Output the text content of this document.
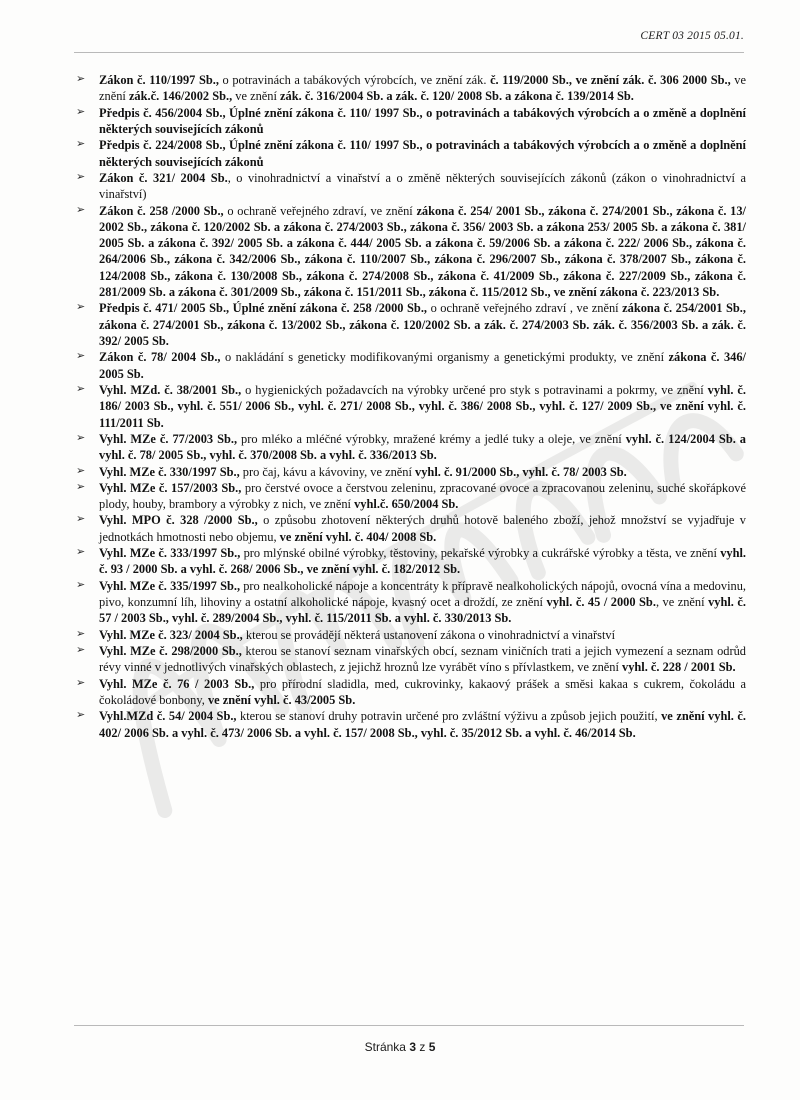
CERT 03 2015 05.01.
➢ Zákon č. 110/1997 Sb., o potravinách a tabákových výrobcích, ve znění zák. č. 119/2000 Sb., ve znění zák. č. 306 2000 Sb., ve znění zák.č. 146/2002 Sb., ve znění zák. č. 316/2004 Sb. a zák. č. 120/ 2008 Sb. a zákona č. 139/2014 Sb.
➢ Předpis č. 456/2004 Sb., Úplné znění zákona č. 110/ 1997 Sb., o potravinách a tabákových výrobcích a o změně a doplnění některých souvisejících zákonů
➢ Předpis č. 224/2008 Sb., Úplné znění zákona č. 110/ 1997 Sb., o potravinách a tabákových výrobcích a o změně a doplnění některých souvisejících zákonů
➢ Zákon č. 321/ 2004 Sb., o vinohradnictví a vinařství a o změně některých souvisejících zákonů (zákon o vinohradnictví a vinařství)
➢ Zákon č. 258 /2000 Sb., o ochraně veřejného zdraví, ve znění zákona č. 254/ 2001 Sb., zákona č. 274/2001 Sb., zákona č. 13/ 2002 Sb., zákona č. 120/2002 Sb. a zákona č. 274/2003 Sb., zákona č. 356/ 2003 Sb. a zákona 253/ 2005 Sb. a zákona č. 381/ 2005 Sb. a zákona č. 392/ 2005 Sb. a zákona č. 444/ 2005 Sb. a zákona č. 59/2006 Sb. a zákona č. 222/ 2006 Sb., zákona č. 264/2006 Sb., zákona č. 342/2006 Sb., zákona č. 110/2007 Sb., zákona č. 296/2007 Sb., zákona č. 378/2007 Sb., zákona č. 124/2008 Sb., zákona č. 130/2008 Sb., zákona č. 274/2008 Sb., zákona č. 41/2009 Sb., zákona č. 227/2009 Sb., zákona č. 281/2009 Sb. a zákona č. 301/2009 Sb., zákona č. 151/2011 Sb., zákona č. 115/2012 Sb., ve znění zákona č. 223/2013 Sb.
➢ Předpis č. 471/ 2005 Sb., Úplné znění zákona č. 258 /2000 Sb., o ochraně veřejného zdraví , ve znění zákona č. 254/2001 Sb., zákona č. 274/2001 Sb., zákona č. 13/2002 Sb., zákona č. 120/2002 Sb. a zák. č. 274/2003 Sb. zák. č. 356/2003 Sb. a zák. č. 392/ 2005 Sb.
➢ Zákon č. 78/ 2004 Sb., o nakládání s geneticky modifikovanými organismy a genetickými produkty, ve znění zákona č. 346/ 2005 Sb.
➢ Vyhl. MZd. č. 38/2001 Sb., o hygienických požadavcích na výrobky určené pro styk s potravinami a pokrmy, ve znění vyhl. č. 186/ 2003 Sb., vyhl. č. 551/ 2006 Sb., vyhl. č. 271/ 2008 Sb., vyhl. č. 386/ 2008 Sb., vyhl. č. 127/ 2009 Sb., ve znění vyhl. č. 111/2011 Sb.
➢ Vyhl. MZe č. 77/2003 Sb., pro mléko a mléčné výrobky, mražené krémy a jedlé tuky a oleje, ve znění vyhl. č. 124/2004 Sb. a vyhl. č. 78/ 2005 Sb., vyhl. č. 370/2008 Sb. a vyhl. č. 336/2013 Sb.
➢ Vyhl. MZe č. 330/1997 Sb., pro čaj, kávu a kávoviny, ve znění vyhl. č. 91/2000 Sb., vyhl. č. 78/ 2003 Sb.
➢ Vyhl. MZe č. 157/2003 Sb., pro čerstvé ovoce a čerstvou zeleninu, zpracované ovoce a zpracovanou zeleninu, suché skořápkové plody, houby, brambory a výrobky z nich, ve znění vyhl.č. 650/2004 Sb.
➢ Vyhl. MPO č. 328 /2000 Sb., o způsobu zhotovení některých druhů hotově baleného zboží, jehož množství se vyjadřuje v jednotkách hmotnosti nebo objemu, ve znění vyhl. č. 404/ 2008 Sb.
➢ Vyhl. MZe č. 333/1997 Sb., pro mlýnské obilné výrobky, těstoviny, pekařské výrobky a cukrářské výrobky a těsta, ve znění vyhl. č. 93 / 2000 Sb. a vyhl. č. 268/ 2006 Sb., ve znění vyhl. č. 182/2012 Sb.
➢ Vyhl. MZe č. 335/1997 Sb., pro nealkoholické nápoje a koncentráty k přípravě nealkoholických nápojů, ovocná vína a medovinu, pivo, konzumní líh, lihoviny a ostatní alkoholické nápoje, kvasný ocet a droždí, ze znění vyhl. č. 45 / 2000 Sb., ve znění vyhl. č. 57 / 2003 Sb., vyhl. č. 289/2004 Sb., vyhl. č. 115/2011 Sb. a vyhl. č. 330/2013 Sb.
➢ Vyhl. MZe č. 323/ 2004 Sb., kterou se provádějí některá ustanovení zákona o vinohradnictví a vinařství
➢ Vyhl. MZe č. 298/2000 Sb., kterou se stanoví seznam vinařských obcí, seznam viničních trati a jejich vymezení a seznam odrůd révy vinné v jednotlivých vinařských oblastech, z jejichž hroznů lze vyrábět víno s přívlastkem, ve znění vyhl. č. 228 / 2001 Sb.
➢ Vyhl. MZe č. 76 / 2003 Sb., pro přírodní sladidla, med, cukrovinky, kakaový prášek a směsi kakaa s cukrem, čokoládu a čokoládové bonbony, ve znění vyhl. č. 43/2005 Sb.
➢ Vyhl.MZd č. 54/ 2004 Sb., kterou se stanoví druhy potravin určené pro zvláštní výživu a způsob jejich použití, ve znění vyhl. č. 402/ 2006 Sb. a vyhl. č. 473/ 2006 Sb. a vyhl. č. 157/ 2008 Sb., vyhl. č. 35/2012 Sb. a vyhl. č. 46/2014 Sb.
Stránka 3 z 5
